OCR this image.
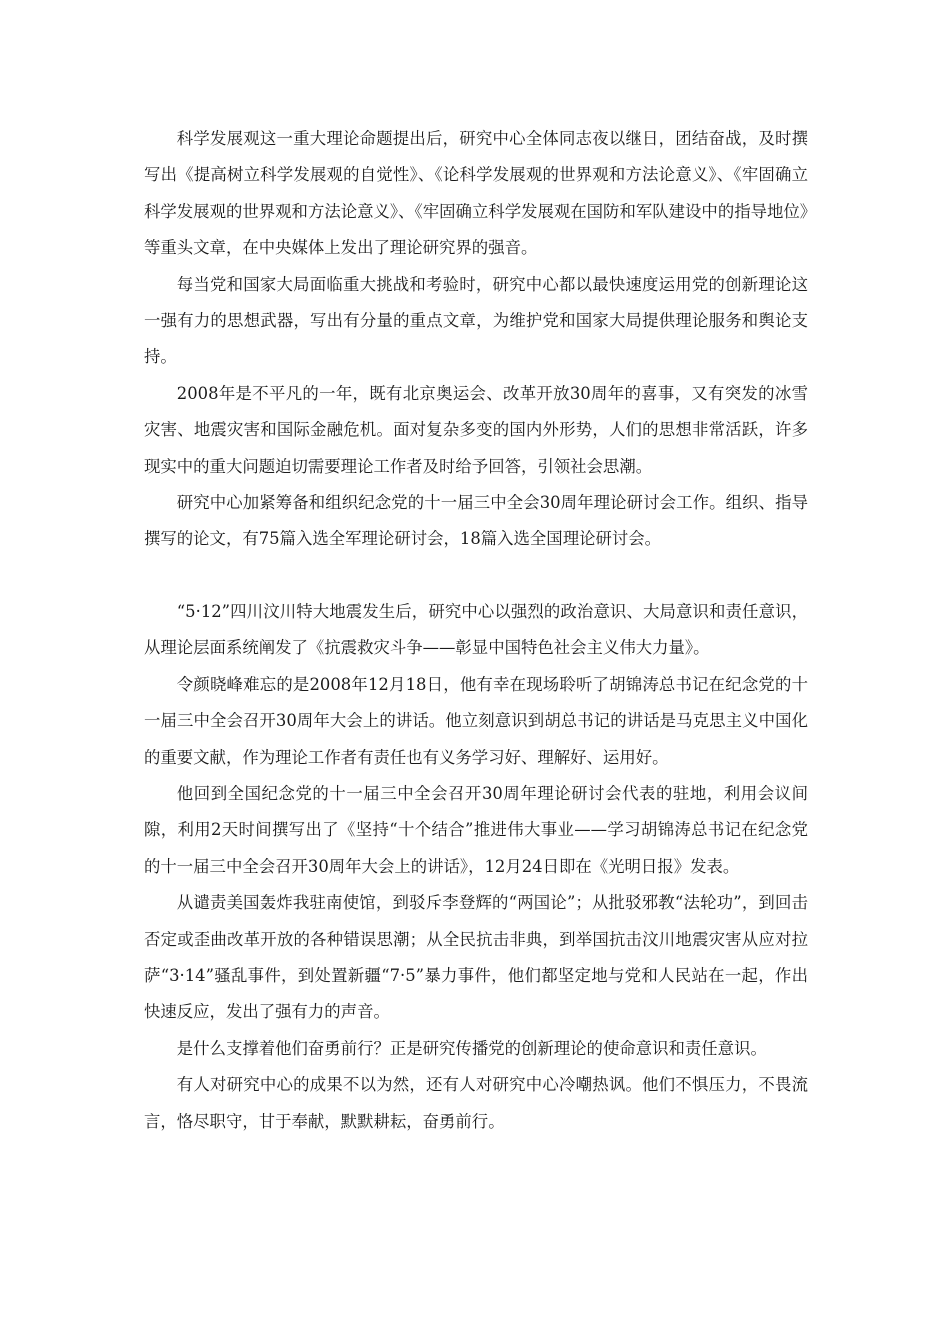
科学发展观这一重大理论命题提出后，研究中心全体同志夜以继日，团结奋战，及时撰写出《提高树立科学发展观的自觉性》、《论科学发展观的世界观和方法论意义》、《牢固确立科学发展观的世界观和方法论意义》、《牢固确立科学发展观在国防和军队建设中的指导地位》等重头文章，在中央媒体上发出了理论研究界的强音。

每当党和国家大局面临重大挑战和考验时，研究中心都以最快速度运用党的创新理论这一强有力的思想武器，写出有分量的重点文章，为维护党和国家大局提供理论服务和舆论支持。

2008年是不平凡的一年，既有北京奥运会、改革开放30周年的喜事，又有突发的冰雪灾害、地震灾害和国际金融危机。面对复杂多变的国内外形势，人们的思想非常活跃，许多现实中的重大问题迫切需要理论工作者及时给予回答，引领社会思潮。

研究中心加紧筹备和组织纪念党的十一届三中全会30周年理论研讨会工作。组织、指导撰写的论文，有75篇入选全军理论研讨会，18篇入选全国理论研讨会。

“5·12”四川汶川特大地震发生后，研究中心以强烈的政治意识、大局意识和责任意识，从理论层面系统阐发了《抗震救灾斗争——彰显中国特色社会主义伟大力量》。

令颜晓峰难忘的是2008年12月18日，他有幸在现场聆听了胡锦涛总书记在纪念党的十一届三中全会召开30周年大会上的讲话。他立刻意识到胡总书记的讲话是马克思主义中国化的重要文献，作为理论工作者有责任也有义务学习好、理解好、运用好。

他回到全国纪念党的十一届三中全会召开30周年理论研讨会代表的驻地，利用会议间隙，利用2天时间撰写出了《坚持“十个结合”推进伟大事业——学习胡锦涛总书记在纪念党的十一届三中全会召开30周年大会上的讲话》，12月24日即在《光明日报》发表。

从谴责美国轰炸我驻南使馆，到驳斥李登辉的“两国论”；从批驳邪教“法轮功”，到回击否定或歪曲改革开放的各种错误思潮；从全民抗击非典，到举国抗击汶川地震灾害从应对拉萨“3·14”骚乱事件，到处置新疆“7·5”暴力事件，他们都坚定地与党和人民站在一起，作出快速反应，发出了强有力的声音。

是什么支撑着他们奋勇前行？正是研究传播党的创新理论的使命意识和责任意识。

有人对研究中心的成果不以为然，还有人对研究中心冷嘲热讽。他们不惧压力，不畏流言，恪尽职守，甘于奉献，默默耕耘，奋勇前行。
